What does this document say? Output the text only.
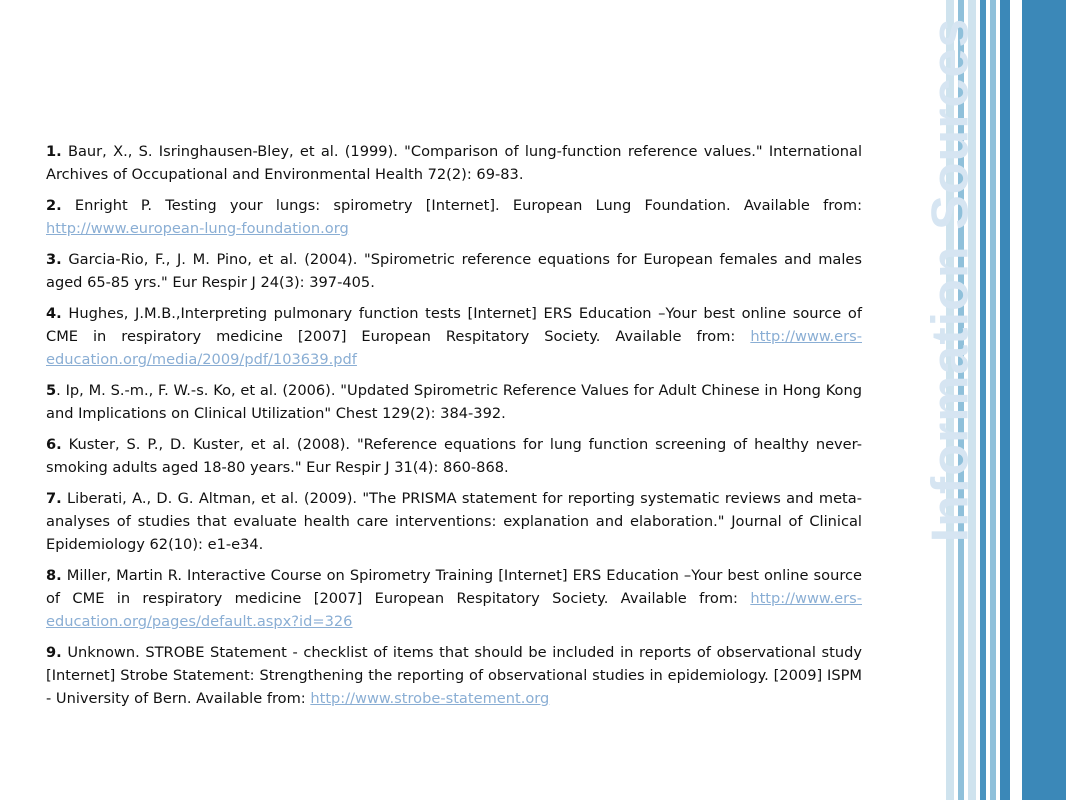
Information Sources

1. Baur, X., S. Isringhausen-Bley, et al. (1999). "Comparison of lung-function reference values." International Archives of Occupational and Environmental Health 72(2): 69-83.

2. Enright P. Testing your lungs: spirometry [Internet]. European Lung Foundation. Available from: http://www.european-lung-foundation.org

3. Garcia-Rio, F., J. M. Pino, et al. (2004). "Spirometric reference equations for European females and males aged 65-85 yrs." Eur Respir J 24(3): 397-405.

4. Hughes, J.M.B.,Interpreting pulmonary function tests [Internet] ERS Education –Your best online source of CME in respiratory medicine [2007] European Respitatory Society. Available from: http://www.ers-education.org/media/2009/pdf/103639.pdf

5. Ip, M. S.-m., F. W.-s. Ko, et al. (2006). "Updated Spirometric Reference Values for Adult Chinese in Hong Kong and Implications on Clinical Utilization" Chest 129(2): 384-392.

6. Kuster, S. P., D. Kuster, et al. (2008). "Reference equations for lung function screening of healthy never-smoking adults aged 18-80 years." Eur Respir J 31(4): 860-868.

7. Liberati, A., D. G. Altman, et al. (2009). "The PRISMA statement for reporting systematic reviews and meta-analyses of studies that evaluate health care interventions: explanation and elaboration." Journal of Clinical Epidemiology 62(10): e1-e34.

8. Miller, Martin R. Interactive Course on Spirometry Training [Internet] ERS Education –Your best online source of CME in respiratory medicine [2007] European Respitatory Society. Available from: http://www.ers-education.org/pages/default.aspx?id=326

9. Unknown. STROBE Statement - checklist of items that should be included in reports of observational study [Internet] Strobe Statement: Strengthening the reporting of observational studies in epidemiology. [2009] ISPM - University of Bern. Available from: http://www.strobe-statement.org
